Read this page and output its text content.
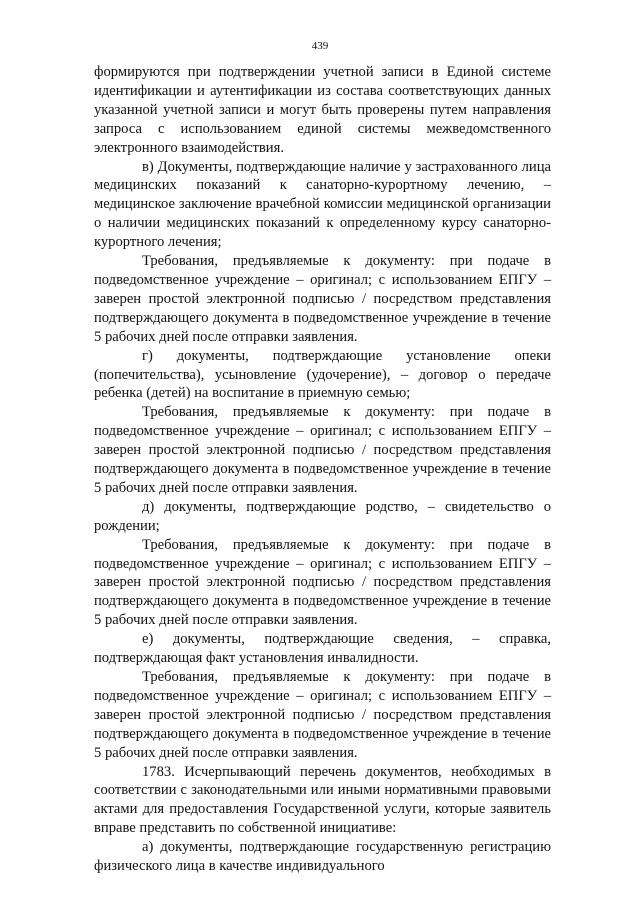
439

формируются при подтверждении учетной записи в Единой системе идентификации и аутентификации из состава соответствующих данных указанной учетной записи и могут быть проверены путем направления запроса с использованием единой системы межведомственного электронного взаимодействия.

в) Документы, подтверждающие наличие у застрахованного лица медицинских показаний к санаторно-курортному лечению, – медицинское заключение врачебной комиссии медицинской организации о наличии медицинских показаний к определенному курсу санаторно-курортного лечения;

Требования, предъявляемые к документу: при подаче в подведомственное учреждение – оригинал; с использованием ЕПГУ – заверен простой электронной подписью / посредством представления подтверждающего документа в подведомственное учреждение в течение 5 рабочих дней после отправки заявления.

г) документы, подтверждающие установление опеки (попечительства), усыновление (удочерение), – договор о передаче ребенка (детей) на воспитание в приемную семью;

Требования, предъявляемые к документу: при подаче в подведомственное учреждение – оригинал; с использованием ЕПГУ – заверен простой электронной подписью / посредством представления подтверждающего документа в подведомственное учреждение в течение 5 рабочих дней после отправки заявления.

д) документы, подтверждающие родство, – свидетельство о рождении;

Требования, предъявляемые к документу: при подаче в подведомственное учреждение – оригинал; с использованием ЕПГУ – заверен простой электронной подписью / посредством представления подтверждающего документа в подведомственное учреждение в течение 5 рабочих дней после отправки заявления.

е) документы, подтверждающие сведения, – справка, подтверждающая факт установления инвалидности.

Требования, предъявляемые к документу: при подаче в подведомственное учреждение – оригинал; с использованием ЕПГУ – заверен простой электронной подписью / посредством представления подтверждающего документа в подведомственное учреждение в течение 5 рабочих дней после отправки заявления.

1783. Исчерпывающий перечень документов, необходимых в соответствии с законодательными или иными нормативными правовыми актами для предоставления Государственной услуги, которые заявитель вправе представить по собственной инициативе:

а) документы, подтверждающие государственную регистрацию физического лица в качестве индивидуального
